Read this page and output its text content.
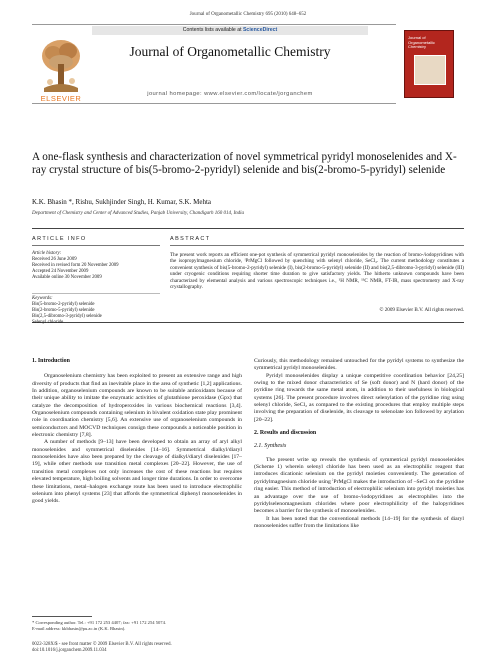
Journal of Organometallic Chemistry 695 (2010) 648–652
Contents lists available at ScienceDirect
Journal of Organometallic Chemistry
journal homepage: www.elsevier.com/locate/jorganchem
ELSEVIER
Journal of Organometallic Chemistry
A one-flask synthesis and characterization of novel symmetrical pyridyl monoselenides and X-ray crystal structure of bis(5-bromo-2-pyridyl) selenide and bis(2-bromo-5-pyridyl) selenide
K.K. Bhasin *, Rishu, Sukhjinder Singh, H. Kumar, S.K. Mehta
Department of Chemistry and Center of Advanced Studies, Panjab University, Chandigarh 160 014, India
ARTICLE INFO
Article history:
Received 26 June 2009
Received in revised form 20 November 2009
Accepted 24 November 2009
Available online 30 November 2009
Keywords:
Bis(5-bromo-2-pyridyl) selenide
Bis(2-bromo-5-pyridyl) selenide
Bis(2,5-dibromo-3-pyridyl) selenide
Selenyl chloride
ABSTRACT
The present work reports an efficient one-pot synthesis of symmetrical pyridyl monoselenides by the reaction of bromo-/iodopyridines with the isopropylmagnesium chloride, ⁱPrMgCl followed by quenching with selenyl chloride, SeCl₂. The current methodology constitutes a convenient synthesis of bis(5-bromo-2-pyridyl) selenide (I), bis(2-bromo-5-pyridyl) selenide (II) and bis(2,5-dibromo-3-pyridyl) selenide (III) under cryogenic conditions requiring shorter time duration to give satisfactory yields. The hitherto unknown compounds have been characterized by elemental analysis and various spectroscopic techniques i.e., ¹H NMR, ¹³C NMR, FT-IR, mass spectrometry and X-ray crystallography.
© 2009 Elsevier B.V. All rights reserved.
1. Introduction

Organoselenium chemistry has been exploited to present an extensive range and high diversity of products that find an inevitable place in the area of synthetic [1,2] applications. In addition, organoselenium compounds are known to be suitable antioxidants because of their unique ability to imitate the enzymatic activities of glutathione peroxidase (Gpx) that catalyze the decomposition of hydroperoxides in various biochemical reactions [3,4]. Organoselenium compounds containing selenium in bivalent oxidation state play prominent role in coordination chemistry [5,6]. An extensive use of organoselenium compounds in semiconductors and MOCVD techniques consign these compounds a noticeable position in electronic chemistry [7,8].

A number of methods [9–13] have been developed to obtain an array of aryl alkyl monoselenides and symmetrical diselenides [14–16]. Symmetrical dialkyl/diaryl monoselenides have also been prepared by the cleavage of dialkyl/diaryl diselenides [17–19], while other methods use transition metal complexes [20–22]. However, the use of transition metal complexes not only increases the cost of these reactions but requires elevated temperature, high boiling solvents and longer time durations. In order to overcome these limitations, metal–halogen exchange route has been used to introduce electrophilic selenium into phenyl systems [23] that affords the symmetrical diphenyl monoselenides in good yields.

Curiously, this methodology remained untouched for the pyridyl systems to synthesize the symmetrical pyridyl monoselenides.

Pyridyl monoselenides display a unique competitive coordination behavior [24,25] owing to the mixed donor characteristics of Se (soft donor) and N (hard donor) of the pyridine ring towards the same metal atom, in addition to their usefulness in biological systems [26]. The present procedure involves direct selenylation of the pyridine ring using selenyl chloride, SeCl₂ as compared to the existing procedures that employ multiple steps involving the preparation of diselenide, its cleavage to selenolate ion followed by arylation [20–22].

2. Results and discussion
2.1. Synthesis

The present write up reveals the synthesis of symmetrical pyridyl monoselenides (Scheme 1) wherein selenyl chloride has been used as an electrophilic reagent that introduces dicationic selenium on the pyridyl moieties conveniently. The generation of pyridylmagnesium chloride using ⁱPrMgCl makes the introduction of –SeCl on the pyridine ring easier. This method of introduction of electrophilic selenium into pyridyl moieties has an advantage over the use of bromo-/iodopyridines as electrophiles into the pyridylselenomagnesium chlorides where poor electrophilicity of the halopyridines becomes a barrier for the synthesis of monoselenides.

It has been noted that the conventional methods [14–19] for the synthesis of diaryl monoselenides suffer from the limitations like

* Corresponding author. Tel.: +91 172 253 4407; fax: +91 172 254 5074.
E-mail address: kkbhasin@pu.ac.in (K.K. Bhasin).
0022-328X/$ - see front matter © 2009 Elsevier B.V. All rights reserved.
doi:10.1016/j.jorganchem.2009.11.034
